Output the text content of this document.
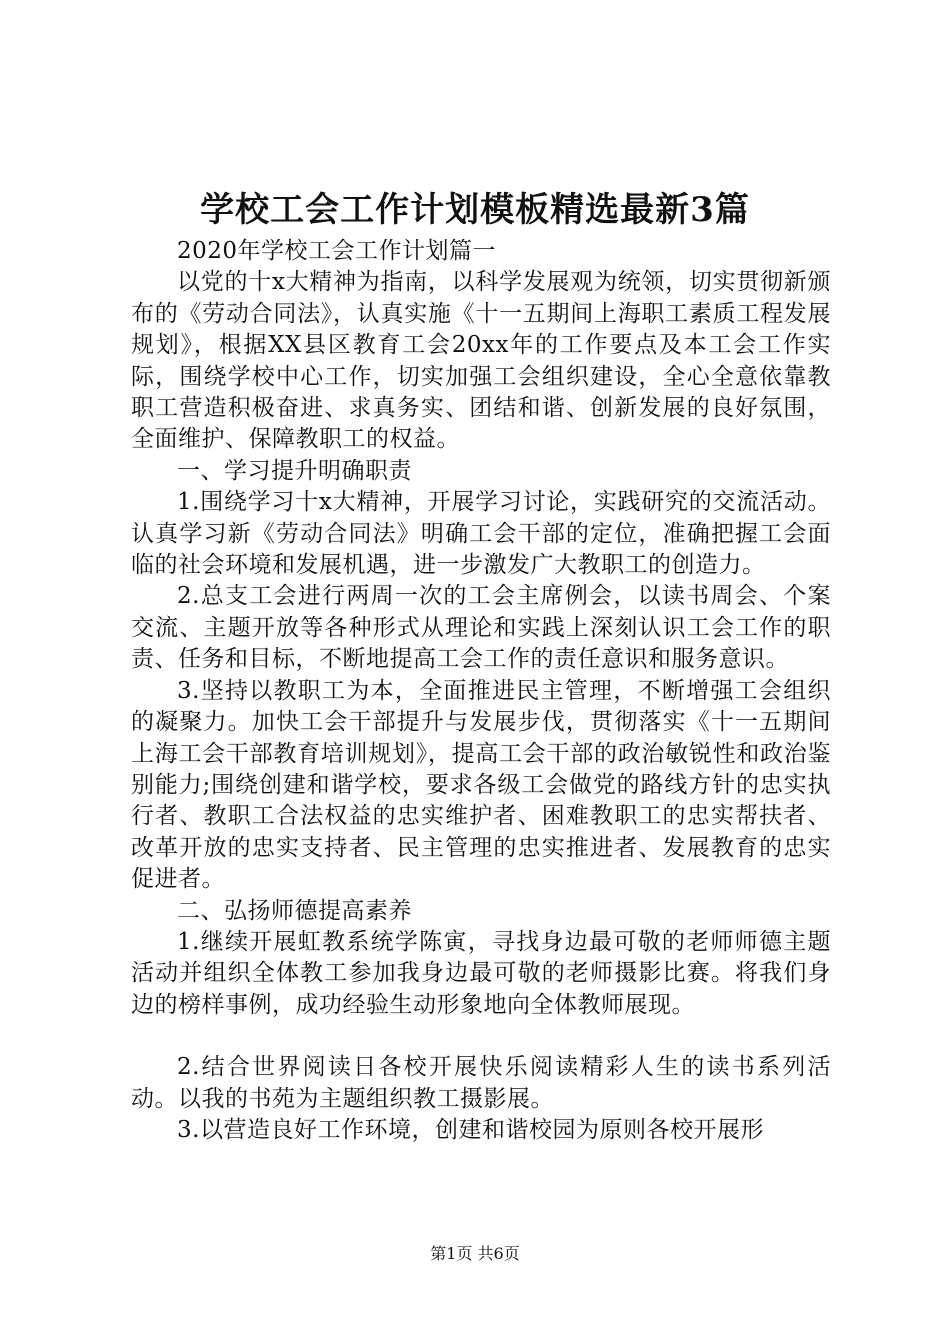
学校工会工作计划模板精选最新3篇

2020年学校工会工作计划篇一

以党的十x大精神为指南，以科学发展观为统领，切实贯彻新颁布的《劳动合同法》，认真实施《十一五期间上海职工素质工程发展规划》，根据XX县区教育工会20xx年的工作要点及本工会工作实际，围绕学校中心工作，切实加强工会组织建设，全心全意依靠教职工营造积极奋进、求真务实、团结和谐、创新发展的良好氛围，全面维护、保障教职工的权益。

一、学习提升明确职责

1.围绕学习十x大精神，开展学习讨论，实践研究的交流活动。认真学习新《劳动合同法》明确工会干部的定位，准确把握工会面临的社会环境和发展机遇，进一步激发广大教职工的创造力。

2.总支工会进行两周一次的工会主席例会，以读书周会、个案交流、主题开放等各种形式从理论和实践上深刻认识工会工作的职责、任务和目标，不断地提高工会工作的责任意识和服务意识。

3.坚持以教职工为本，全面推进民主管理，不断增强工会组织的凝聚力。加快工会干部提升与发展步伐，贯彻落实《十一五期间上海工会干部教育培训规划》，提高工会干部的政治敏锐性和政治鉴别能力;围绕创建和谐学校，要求各级工会做党的路线方针的忠实执行者、教职工合法权益的忠实维护者、困难教职工的忠实帮扶者、改革开放的忠实支持者、民主管理的忠实推进者、发展教育的忠实促进者。

二、弘扬师德提高素养

1.继续开展虹教系统学陈寅，寻找身边最可敬的老师师德主题活动并组织全体教工参加我身边最可敬的老师摄影比赛。将我们身边的榜样事例，成功经验生动形象地向全体教师展现。

2.结合世界阅读日各校开展快乐阅读精彩人生的读书系列活动。以我的书苑为主题组织教工摄影展。

3.以营造良好工作环境，创建和谐校园为原则各校开展形

第1页 共6页
